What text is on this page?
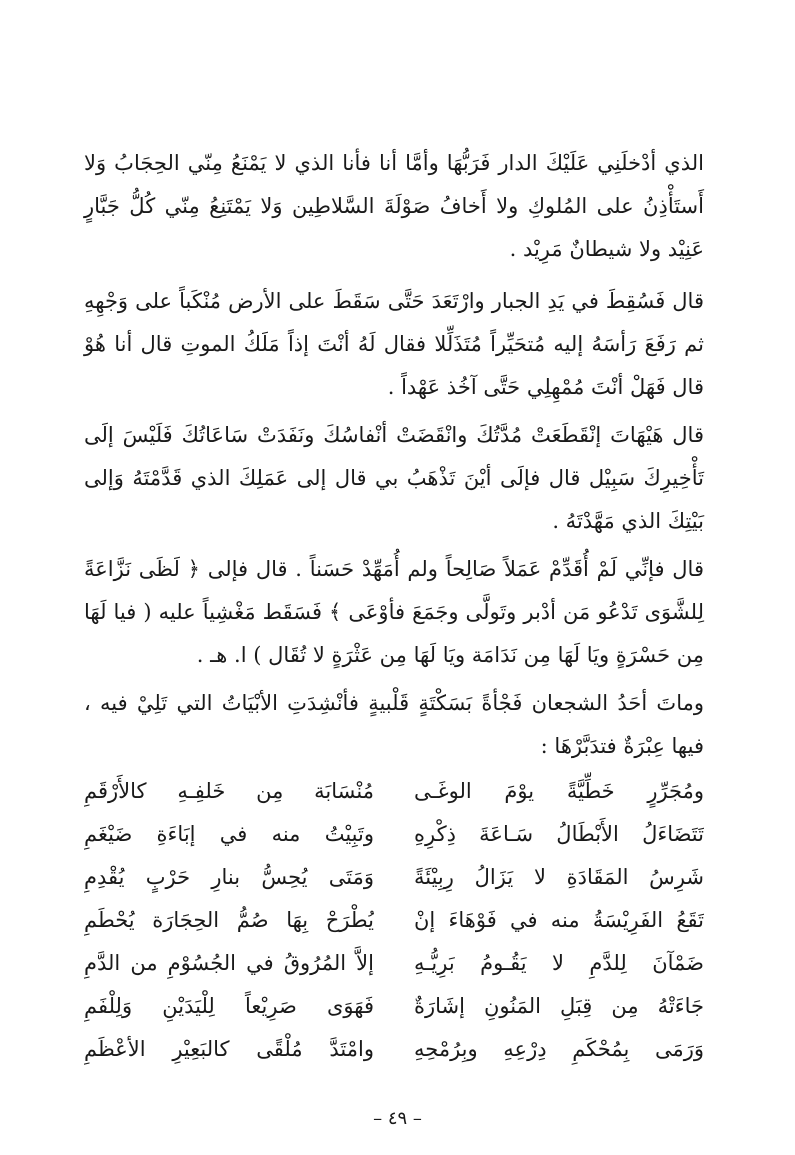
الذي أدْخلَنِي عَلَيْكَ الدار فَرَبُّهَا وأمَّا أنا فأنا الذي لا يَمْنَعُ مِنّي الحِجَابُ وَلا أَستَأْذِنُ على المُلوكِ ولا أَخافُ صَوْلَةَ السَّلاطِين وَلا يَمْتَنِعُ مِنّي كُلُّ جَبَّارٍ عَنِيْد ولا شيطانٌ مَرِيْد .

قال فَسُقِطَ في يَدِ الجبار وارْتَعَدَ حَتَّى سَقَطَ على الأرض مُنْكَباً على وَجْهِهِ ثم رَفَعَ رَأسَهُ إليه مُتحَيِّراً مُتَذَلِّلا فقال لَهُ أنْتَ إذاً مَلَكُ الموتِ قال أنا هُوْ قال فَهَلْ أنْتَ مُمْهِلِي حَتَّى آخُذ عَهْداً .

قال هَيْهَاتَ إنْقَطَعَتْ مُدَّتُكَ وانْقَضَتْ أنْفاسُكَ ونَفَدَتْ سَاعَاتُكَ فَلَيْسَ إلَى تَأْخِيرِكَ سَبِيْل قال فإلَى أيْنَ تَذْهَبُ بي قال إلى عَمَلِكَ الذي قَدَّمْتَهُ وَإلى بَيْتِكَ الذي مَهَّدْتَهُ .

قال فإنِّي لَمْ أُقَدِّمْ عَمَلاً صَالِحاً ولم أُمَهِّدْ حَسَناً . قال فإلى ﴿ لَظَى نَزَّاعَةً لِلشَّوَى تَدْعُو مَن أدْبر وتَولَّى وجَمَعَ فأوْعَى ﴾ فَسَقَط مَغْشِياً عليه ( فيا لَهَا مِن حَسْرَةٍ ويَا لَهَا مِن نَدَامَة ويَا لَهَا مِن عَثْرَةٍ لا تُقَال ) ا. هـ .

وماتَ أحَدُ الشجعان فَجْأةً بَسَكْتَةٍ قَلْبيةٍ فأنْشِدَتِ الأبْيَاتُ التي تَلِيْ فيه ، فيها عِبْرَةٌ فتدَبَّرْهَا :

ومُجَرِّرٍ خَطِّيَّةً يوْمَ الوغَـى
مُنْسَابَة مِن خَلفِـهِ كالأَرْقَمِ
تَتَضَاءَلُ الأَبْطَالُ سَـاعَةَ ذِكْرِهِ
وتَبِيْتُ منه في إبَاءَةِ ضَيْغَمِ
شَرِسُ المَقَادَةِ لا يَزَالُ رِبِيْئَةً
وَمَتَى يُحِسُّ بنارِ حَرْبٍ يُقْدِمِ
تَقَعُ الفَرِيْسَةُ منه في فَوْهَاءَ إنْ
يُطْرَحْ بِهَا صُمُّ الحِجَارَة يُحْطَمِ
ضَمْآنَ لِلدَّمِ لا يَقُـومُ بَرِيُّـهِ
إلاَّ المُرُوقُ في الجُسُوْمِ من الدَّمِ
جَاءَتْهُ مِن قِبَلِ المَنُونِ إشَارَةٌ
فَهَوَى صَرِيْعاً لِلْيَدَيْنِ وَلِلْفَمِ
وَرَمَى بِمُحْكَمِ دِرْعِهِ وبِرُمْحِهِ
وامْتَدَّ مُلْقًى كالبَعِيْرِ الأعْظَمِ
– ٤٩ –
